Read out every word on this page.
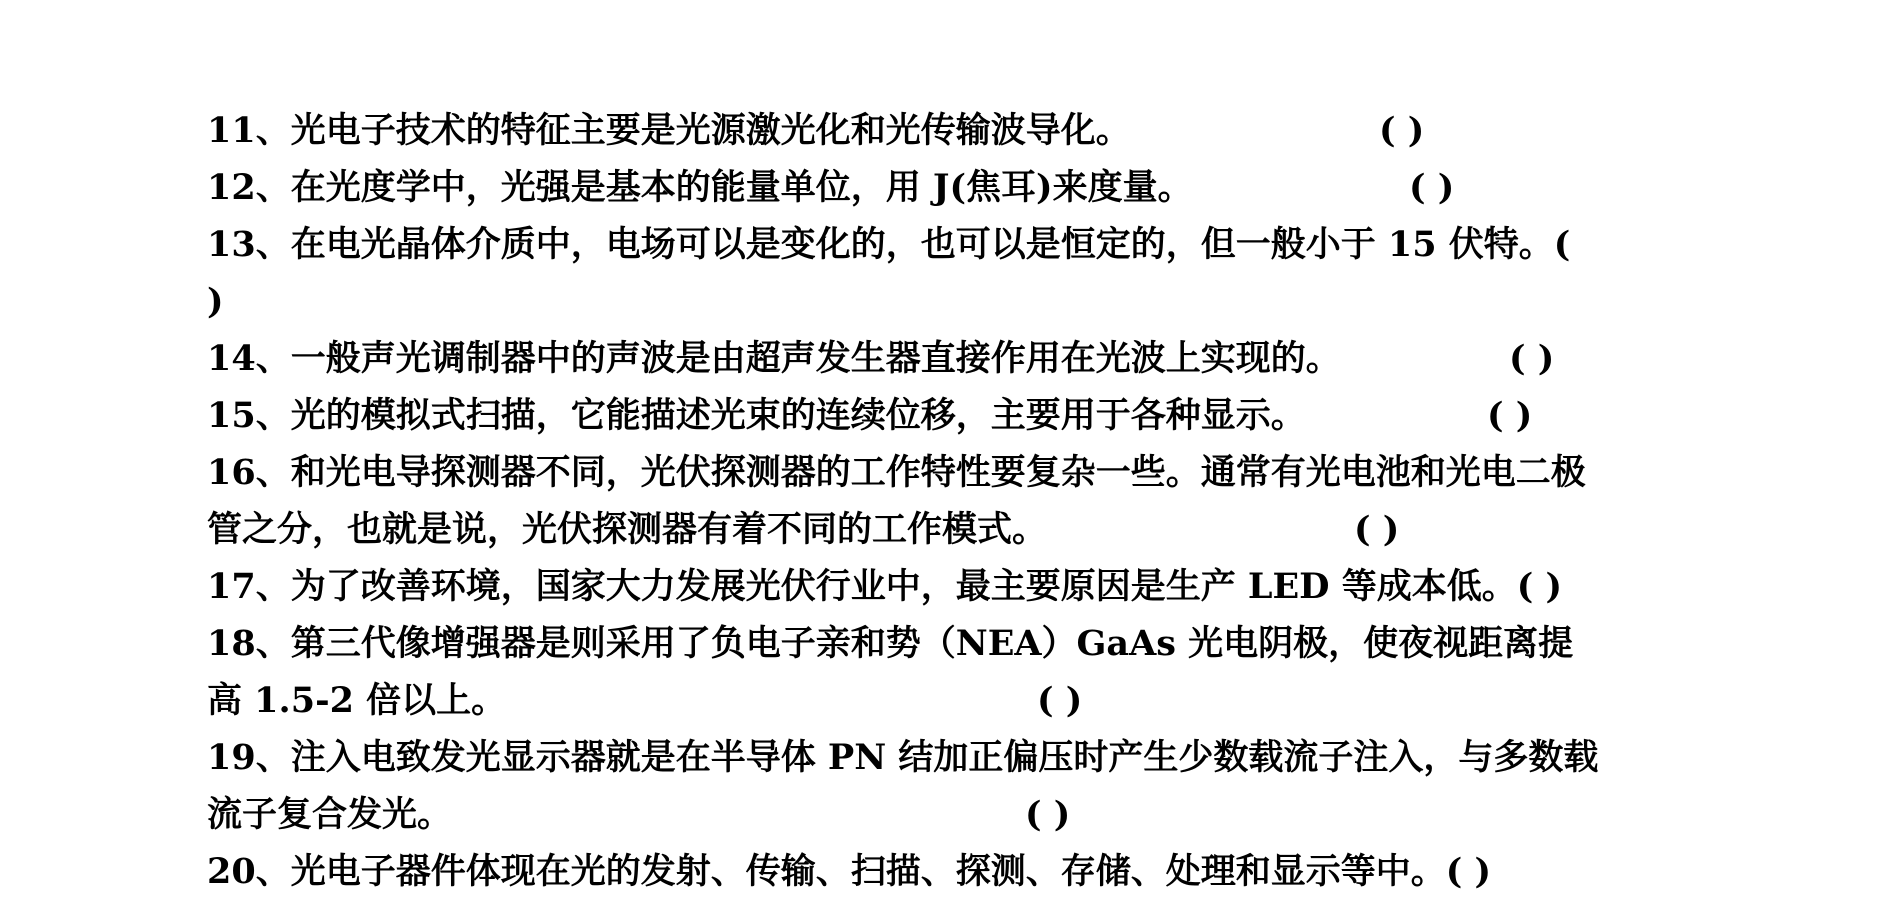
11、光电子技术的特征主要是光源激光化和光传输波导化。	( )
12、在光度学中，光强是基本的能量单位，用 J(焦耳)来度量。	( )
13、在电光晶体介质中，电场可以是变化的，也可以是恒定的，但一般小于 15 伏特。(
)
14、一般声光调制器中的声波是由超声发生器直接作用在光波上实现的。	( )
15、光的模拟式扫描，它能描述光束的连续位移，主要用于各种显示。	( )
16、和光电导探测器不同，光伏探测器的工作特性要复杂一些。通常有光电池和光电二极
管之分，也就是说，光伏探测器有着不同的工作模式。	( )
17、为了改善环境，国家大力发展光伏行业中，最主要原因是生产 LED 等成本低。( )
18、第三代像增强器是则采用了负电子亲和势（NEA）GaAs 光电阴极，使夜视距离提
高 1.5-2 倍以上。	( )
19、注入电致发光显示器就是在半导体 PN 结加正偏压时产生少数载流子注入，与多数载
流子复合发光。	( )
20、光电子器件体现在光的发射、传输、扫描、探测、存储、处理和显示等中。( )
